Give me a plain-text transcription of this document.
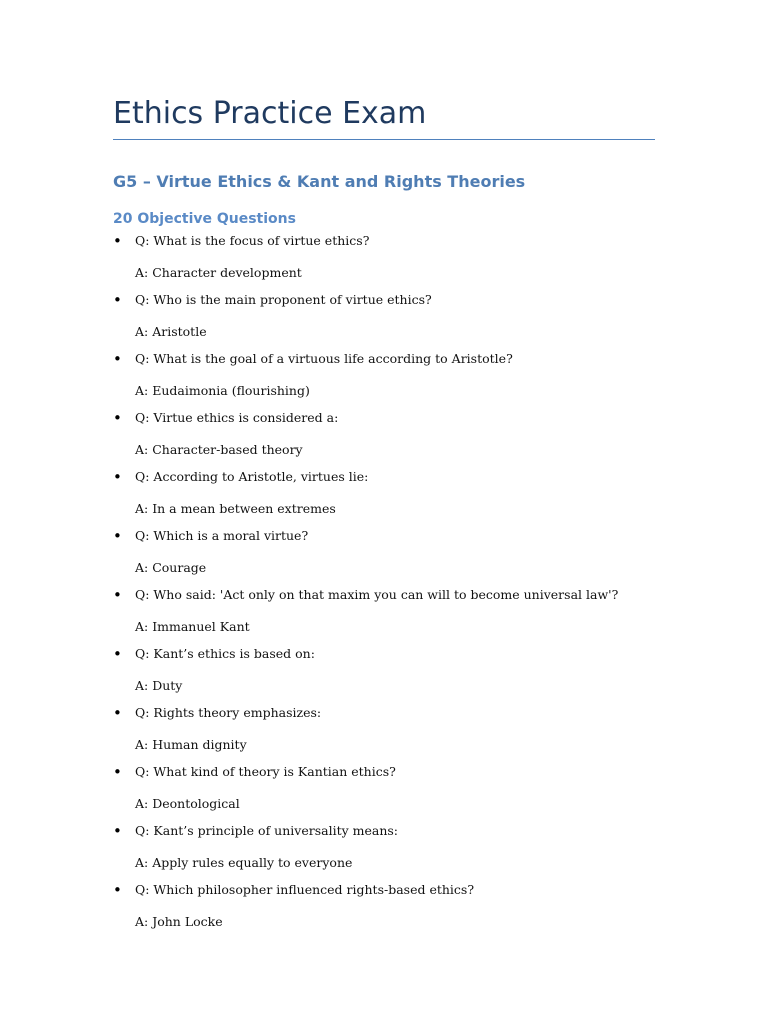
Ethics Practice Exam
G5 – Virtue Ethics & Kant and Rights Theories
20 Objective Questions
• Q: What is the focus of virtue ethics?
A: Character development
• Q: Who is the main proponent of virtue ethics?
A: Aristotle
• Q: What is the goal of a virtuous life according to Aristotle?
A: Eudaimonia (flourishing)
• Q: Virtue ethics is considered a:
A: Character-based theory
• Q: According to Aristotle, virtues lie:
A: In a mean between extremes
• Q: Which is a moral virtue?
A: Courage
• Q: Who said: 'Act only on that maxim you can will to become universal law'?
A: Immanuel Kant
• Q: Kant’s ethics is based on:
A: Duty
• Q: Rights theory emphasizes:
A: Human dignity
• Q: What kind of theory is Kantian ethics?
A: Deontological
• Q: Kant’s principle of universality means:
A: Apply rules equally to everyone
• Q: Which philosopher influenced rights-based ethics?
A: John Locke
